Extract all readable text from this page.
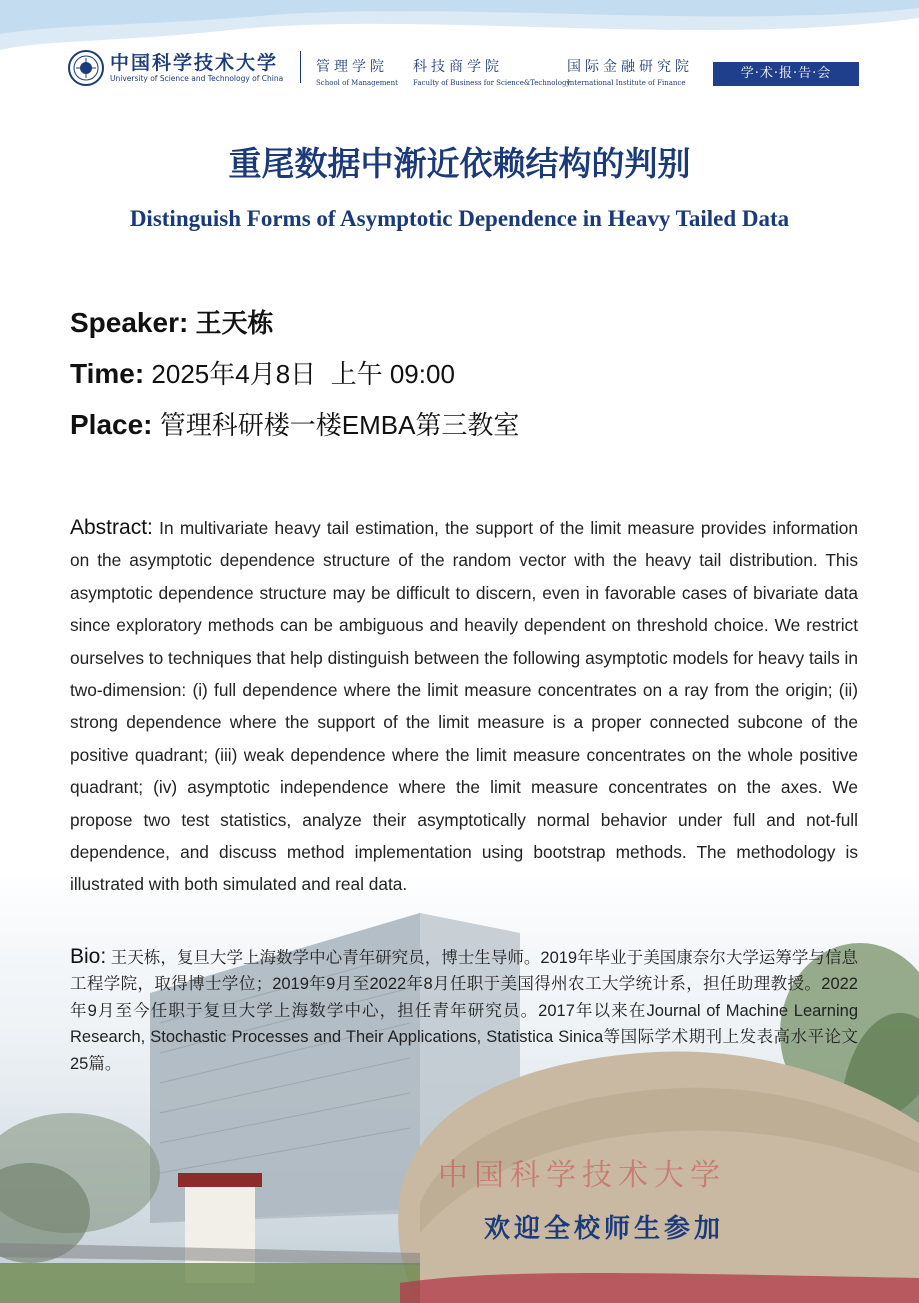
中国科学技术大学
University of Science and Technology of China
管理学院
School of Management
科技商学院
Faculty of Business for Science&Technology
国际金融研究院
International Institute of Finance
学·术·报·告·会
重尾数据中渐近依赖结构的判别
Distinguish Forms of Asymptotic Dependence in Heavy Tailed Data
Speaker: 王天栋
Time: 2025年4月8日  上午 09:00
Place: 管理科研楼一楼EMBA第三教室
Abstract: In multivariate heavy tail estimation, the support of the limit measure provides information on the asymptotic dependence structure of the random vector with the heavy tail distribution. This asymptotic dependence structure may be difficult to discern, even in favorable cases of bivariate data since exploratory methods can be ambiguous and heavily dependent on threshold choice. We restrict ourselves to techniques that help distinguish between the following asymptotic models for heavy tails in two-dimension: (i) full dependence where the limit measure concentrates on a ray from the origin; (ii) strong dependence where the support of the limit measure is a proper connected subcone of the positive quadrant; (iii) weak dependence where the limit measure concentrates on the whole positive quadrant; (iv) asymptotic independence where the limit measure concentrates on the axes. We propose two test statistics, analyze their asymptotically normal behavior under full and not-full dependence, and discuss method implementation using bootstrap methods. The methodology is illustrated with both simulated and real data.
Bio: 王天栋，复旦大学上海数学中心青年研究员，博士生导师。2019年毕业于美国康奈尔大学运筹学与信息工程学院，取得博士学位；2019年9月至2022年8月任职于美国得州农工大学统计系，担任助理教授。2022年9月至今任职于复旦大学上海数学中心，担任青年研究员。2017年以来在Journal of Machine Learning Research, Stochastic Processes and Their Applications, Statistica Sinica等国际学术期刊上发表高水平论文25篇。
中国科学技术大学
欢迎全校师生参加
